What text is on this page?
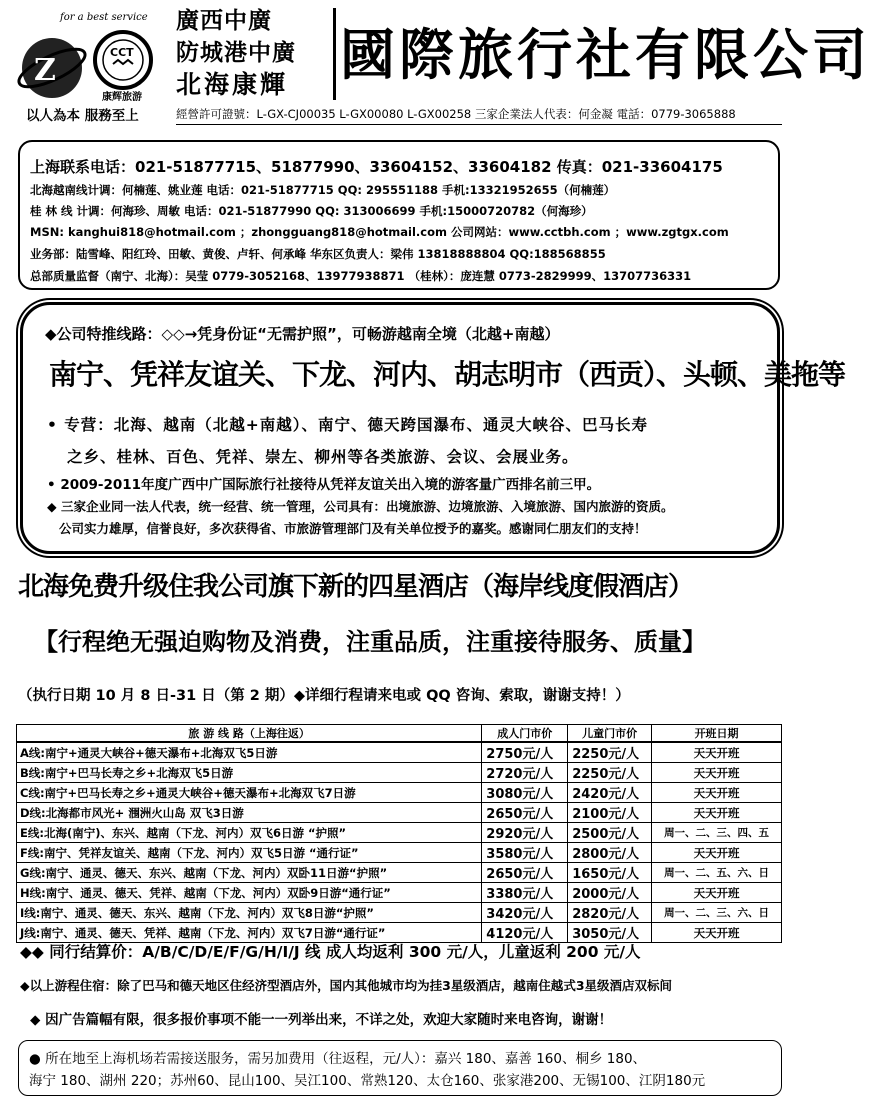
for a best service
Z
CCT
康辉旅游
以人為本 服務至上
廣西中廣
防城港中廣
北海康輝 國際旅行社有限公司
經營許可證號：L-GX-CJ00035 L-GX00080 L-GX00258 三家企業法人代表：何金凝 電話：0779-3065888
上海联系电话：021-51877715、51877990、33604152、33604182 传真：021-33604175
北海越南线计调：何楠莲、姚业莲 电话：021-51877715 QQ: 295551188 手机:13321952655（何楠莲）
桂 林 线 计调：何海珍、周敏 电话：021-51877990 QQ: 313006699 手机:15000720782（何海珍）
MSN: kanghui818@hotmail.com ；zhongguang818@hotmail.com 公司网站：www.cctbh.com ；www.zgtgx.com
业务部：陆雪峰、阳红玲、田敏、黄俊、卢轩、何承峰 华东区负责人：梁伟 13818888804 QQ:188568855
总部质量监督（南宁、北海）：吴莹 0779-3052168、13977938871 （桂林）：庞连慧 0773-2829999、13707736331
◆公司特推线路：◇◇→凭身份证“无需护照”，可畅游越南全境（北越+南越）
南宁、凭祥友谊关、下龙、河内、胡志明市（西贡）、头顿、美拖等
• 专营：北海、越南（北越+南越）、南宁、德天跨国瀑布、通灵大峡谷、巴马长寿
之乡、桂林、百色、凭祥、崇左、柳州等各类旅游、会议、会展业务。
• 2009-2011年度广西中广国际旅行社接待从凭祥友谊关出入境的游客量广西排名前三甲。
◆ 三家企业同一法人代表，统一经营、统一管理，公司具有：出境旅游、边境旅游、入境旅游、国内旅游的资质。
公司实力雄厚，信誉良好，多次获得省、市旅游管理部门及有关单位授予的嘉奖。感谢同仁朋友们的支持！
北海免费升级住我公司旗下新的四星酒店（海岸线度假酒店）
【行程绝无强迫购物及消费，注重品质，注重接待服务、质量】
（执行日期 10 月 8 日-31 日（第 2 期）◆详细行程请来电或 QQ 咨询、索取，谢谢支持！）
旅 游 线 路（上海往返）	成人门市价	儿童门市价	开班日期
A线:南宁+通灵大峡谷+德天瀑布+北海双飞5日游	2750元/人	2250元/人	天天开班
B线:南宁+巴马长寿之乡+北海双飞5日游	2720元/人	2250元/人	天天开班
C线:南宁+巴马长寿之乡+通灵大峡谷+德天瀑布+北海双飞7日游	3080元/人	2420元/人	天天开班
D线:北海都市风光+ 涠洲火山岛 双飞3日游	2650元/人	2100元/人	天天开班
E线:北海(南宁)、东兴、越南（下龙、河内）双飞6日游 “护照”	2920元/人	2500元/人	周一、二、三、四、五
F线:南宁、凭祥友谊关、越南（下龙、河内）双飞5日游 “通行证”	3580元/人	2800元/人	天天开班
G线:南宁、通灵、德天、东兴、越南（下龙、河内）双卧11日游“护照”	2650元/人	1650元/人	周一、二、五、六、日
H线:南宁、通灵、德天、凭祥、越南（下龙、河内）双卧9日游“通行证”	3380元/人	2000元/人	天天开班
I线:南宁、通灵、德天、东兴、越南（下龙、河内）双飞8日游“护照”	3420元/人	2820元/人	周一、二、三、六、日
J线:南宁、通灵、德天、凭祥、越南（下龙、河内）双飞7日游“通行证”	4120元/人	3050元/人	天天开班
◆◆ 同行结算价：A/B/C/D/E/F/G/H/I/J 线 成人均返利 300 元/人，儿童返利 200 元/人
◆以上游程住宿：除了巴马和德天地区住经济型酒店外，国内其他城市均为挂3星级酒店，越南住越式3星级酒店双标间
◆ 因广告篇幅有限，很多报价事项不能一一列举出来，不详之处，欢迎大家随时来电咨询，谢谢！
● 所在地至上海机场若需接送服务，需另加费用（往返程，元/人）：嘉兴 180、嘉善 160、桐乡 180、
海宁 180、湖州 220；苏州60、昆山100、吴江100、常熟120、太仓160、张家港200、无锡100、江阴180元
